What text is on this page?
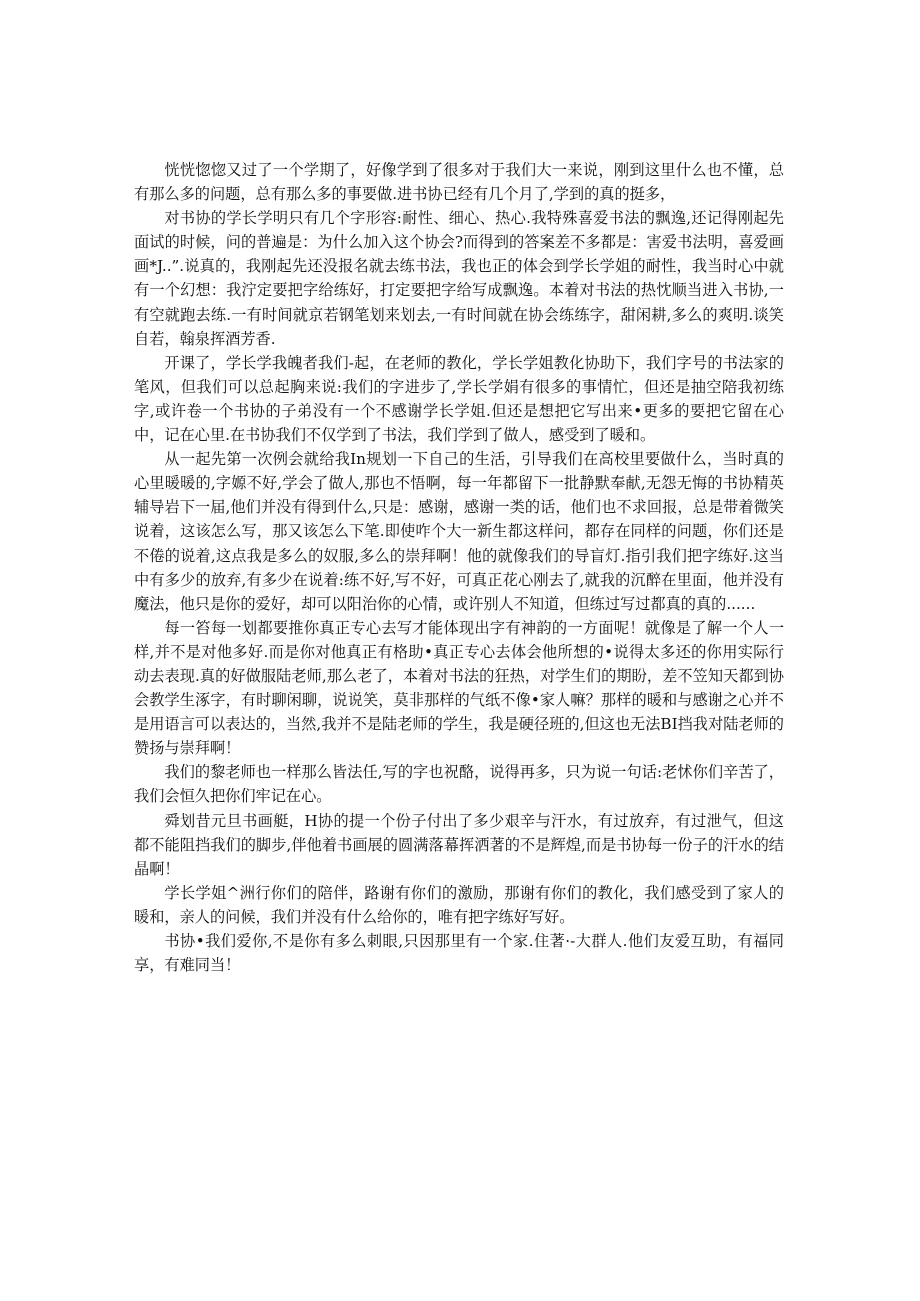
恍恍惚惚又过了一个学期了，好像学到了很多对于我们大一来说，刚到这里什么也不懂，总有那么多的问题，总有那么多的事要做.进书协已经有几个月了,学到的真的挺多，

对书协的学长学明只有几个字形容:耐性、细心、热心.我特殊喜爱书法的飘逸,还记得刚起先面试的时候，问的普遍是：为什么加入这个协会?而得到的答案差不多都是：害爱书法明，喜爱画画*J..”.说真的，我刚起先还没报名就去练书法，我也正的体会到学长学姐的耐性，我当时心中就有一个幻想：我泞定要把字给练好，打定要把字给写成飘逸。本着对书法的热忱顺当进入书协,一有空就跑去练.一有时间就京若钢笔划来划去,一有时间就在协会练练字，甜闲耕,多么的爽明.谈笑自若，翰泉挥酒芳香.

开课了，学长学我魄者我们-起，在老师的教化，学长学姐教化协助下，我们字号的书法家的笔风，但我们可以总起胸来说:我们的字进步了,学长学娟有很多的事情忙，但还是抽空陪我初练字,或许卷一个书协的子弟没有一个不感谢学长学姐.但还是想把它写出来•更多的要把它留在心中，记在心里.在书协我们不仅学到了书法，我们学到了做人，感受到了暖和。

从一起先第一次例会就给我In规划一下自己的生活，引导我们在高校里要做什么，当时真的心里暖暖的,字嫄不好,学会了做人,那也不悟啊，每一年都留下一批静默奉献,无怨无悔的书协精英辅导岩下一届,他们并没有得到什么,只是：感谢，感谢一类的话，他们也不求回报，总是带着微笑说着，这该怎么写，那又该怎么下笔.即使咋个大一新生都这样问，都存在同样的问题，你们还是不倦的说着,这点我是多么的奴服,多么的崇拜啊！他的就像我们的导盲灯.指引我们把字练好.这当中有多少的放弃,有多少在说着:练不好,写不好，可真正花心刚去了,就我的沉醉在里面，他并没有魔法，他只是你的爱好，却可以阳治你的心情，或许别人不知道，但练过写过都真的真的......

每一笞每一划都要推你真正专心去写才能体现出字有神韵的一方面呢！就像是了解一个人一样,并不是对他多好.而是你对他真正有格助•真正专心去体会他所想的•说得太多还的你用实际行动去表现.真的好做服陆老师,那么老了，本着对书法的狂热，对学生们的期盼，差不笠知天都到协会教学生涿字，有时聊闲聊，说说笑，莫非那样的气纸不像•家人嘛？那样的暖和与感谢之心并不是用语言可以表达的，当然,我并不是陆老师的学生，我是硬径班的,但这也无法BI挡我对陆老师的赞扬与崇拜啊！

我们的黎老师也一样那么皆法任,写的字也祝酪，说得再多，只为说一句话:老怵你们辛苦了，我们会恒久把你们牢记在心。

舜划昔元旦书画艇，H协的提一个份子付出了多少艰辛与汗水，有过放弃，有过泄气，但这都不能阻挡我们的脚步,伴他着书画展的圆满落幕挥洒著的不是辉煌,而是书协每一份子的汗水的结晶啊！

学长学姐^洲行你们的陪伴，路谢有你们的激励，那谢有你们的教化，我们感受到了家人的暖和，亲人的问候，我们并没有什么给你的，唯有把字练好写好。

书协•我们爱你,不是你有多么刺眼,只因那里有一个家.住著·-大群人.他们友爱互助，有福同享，有难同当！
